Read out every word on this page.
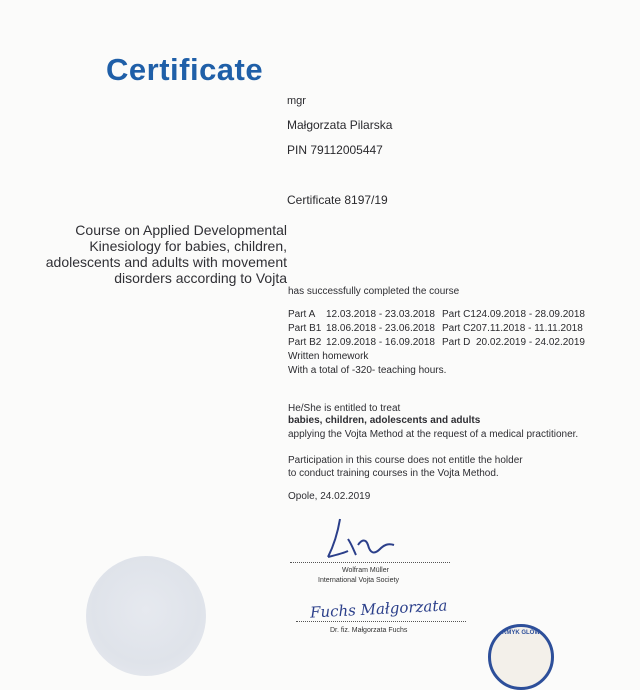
Certificate
mgr
Małgorzata Pilarska
PIN 79112005447
Certificate 8197/19
Course on Applied Developmental Kinesiology for babies, children, adolescents and adults with movement disorders according to Vojta
has successfully completed the course
Part A 12.03.2018 - 23.03.2018 Part C124.09.2018 - 28.09.2018
Part B1 18.06.2018 - 23.06.2018 Part C207.11.2018 - 11.11.2018
Part B2 12.09.2018 - 16.09.2018 Part D 20.02.2019 - 24.02.2019
Written homework
With a total of -320- teaching hours.
He/She is entitled to treat
babies, children, adolescents and adults
applying the Vojta Method at the request of a medical practitioner.
Participation in this course does not entitle the holder
to conduct training courses in the Vojta Method.
Opole, 24.02.2019
Wolfram Müller
International Vojta Society
Fuchs Małgorzata
Dr. fiz. Małgorzata Fuchs	RMYK GLOW
